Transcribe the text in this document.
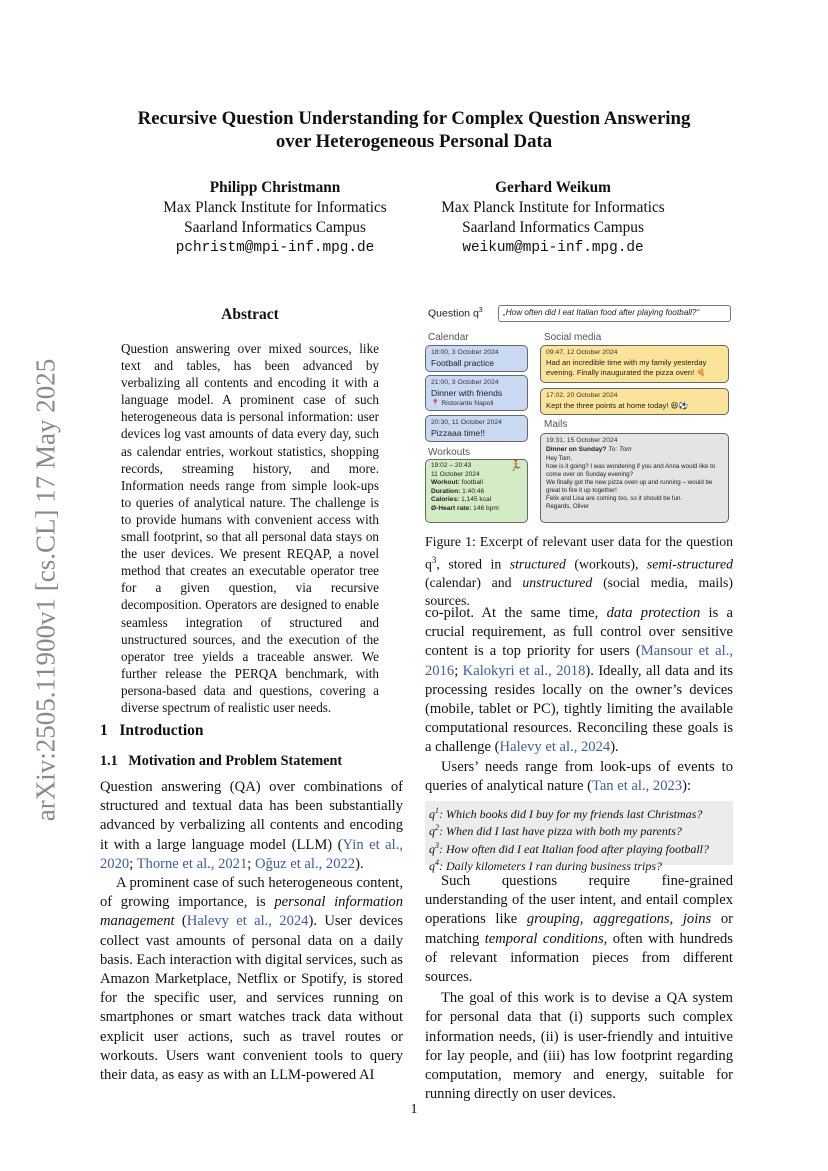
arXiv:2505.11900v1 [cs.CL] 17 May 2025
Recursive Question Understanding for Complex Question Answering
over Heterogeneous Personal Data
Philipp Christmann
Max Planck Institute for Informatics
Saarland Informatics Campus
pchristm@mpi-inf.mpg.de
Gerhard Weikum
Max Planck Institute for Informatics
Saarland Informatics Campus
weikum@mpi-inf.mpg.de
Abstract
Question answering over mixed sources, like text and tables, has been advanced by verbalizing all contents and encoding it with a language model. A prominent case of such heterogeneous data is personal information: user devices log vast amounts of data every day, such as calendar entries, workout statistics, shopping records, streaming history, and more. Information needs range from simple look-ups to queries of analytical nature. The challenge is to provide humans with convenient access with small footprint, so that all personal data stays on the user devices. We present REQAP, a novel method that creates an executable operator tree for a given question, via recursive decomposition. Operators are designed to enable seamless integration of structured and unstructured sources, and the execution of the operator tree yields a traceable answer. We further release the PERQA benchmark, with persona-based data and questions, covering a diverse spectrum of realistic user needs.
1 Introduction
1.1 Motivation and Problem Statement

Question answering (QA) over combinations of structured and textual data has been substantially advanced by verbalizing all contents and encoding it with a large language model (LLM) (Yin et al., 2020; Thorne et al., 2021; Oğuz et al., 2022).

A prominent case of such heterogeneous content, of growing importance, is personal information management (Halevy et al., 2024). User devices collect vast amounts of personal data on a daily basis. Each interaction with digital services, such as Amazon Marketplace, Netflix or Spotify, is stored for the specific user, and services running on smartphones or smart watches track data without explicit user actions, such as travel routes or workouts. Users want convenient tools to query their data, as easy as with an LLM-powered AI

Question $q^3$	„How often did I eat Italian food after playing football?“
Calendar	Social media
18:00, 3 October 2024
Football practice
21:00, 3 October 2024
Dinner with friends
📍 Ristorante Napoli
20:30, 11 October 2024
Pizzaaa time!!
09:47, 12 October 2024
Had an incredible time with my family yesterday evening. Finally inaugurated the pizza oven! 🍕
17:02, 20 October 2024
Kept the three points at home today! 😆⚽
Workouts
Mails
🏃
19:02 – 20:43
11 October 2024
Workout: football
Duration: 1:40:46
Calories: 1,145 kcal
Ø-Heart rate: 146 bpm
19:31, 15 October 2024
Dinner on Sunday? To: Tom
Hey Tom,
how is it going? I was wondering if you and Anna would like to come over on Sunday evening?
We finally got the new pizza oven up and running – would be great to fire it up together!
Felix and Lisa are coming too, so it should be fun.
Regards, Oliver
Figure 1: Excerpt of relevant user data for the question $q^3$, stored in structured (workouts), semi-structured (calendar) and unstructured (social media, mails) sources.

co-pilot. At the same time, data protection is a crucial requirement, as full control over sensitive content is a top priority for users (Mansour et al., 2016; Kalokyri et al., 2018). Ideally, all data and its processing resides locally on the owner’s devices (mobile, tablet or PC), tightly limiting the available computational resources. Reconciling these goals is a challenge (Halevy et al., 2024).

Users’ needs range from look-ups of events to queries of analytical nature (Tan et al., 2023):

$q^1$: Which books did I buy for my friends last Christmas?
$q^2$: When did I last have pizza with both my parents?
$q^3$: How often did I eat Italian food after playing football?
$q^4$: Daily kilometers I ran during business trips?

Such questions require fine-grained understanding of the user intent, and entail complex operations like grouping, aggregations, joins or matching temporal conditions, often with hundreds of relevant information pieces from different sources.

The goal of this work is to devise a QA system for personal data that (i) supports such complex information needs, (ii) is user-friendly and intuitive for lay people, and (iii) has low footprint regarding computation, memory and energy, suitable for running directly on user devices.

1
